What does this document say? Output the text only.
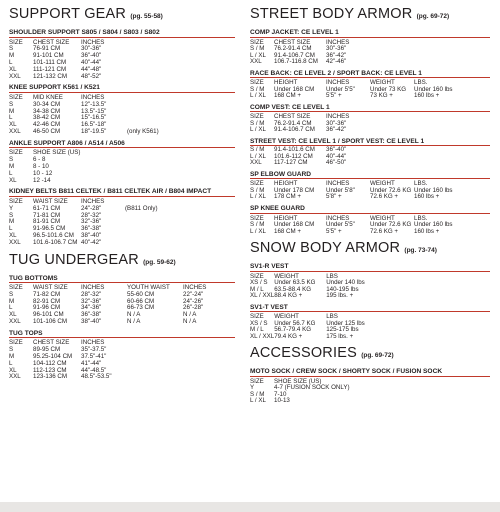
SUPPORT GEAR (pg. 55-58)
SHOULDER SUPPORT S805 / S804 / S803 / S802
SIZE	CHEST SIZE	INCHES
S	76-91 CM	30"-36"
M	91-101 CM	36"-40"
L	101-111 CM	40"-44"
XL	111-121 CM	44"-48"
XXL	121-132 CM	48"-52"
KNEE SUPPORT K561 / K521
SIZE	MID KNEE	INCHES	
S	30-34 CM	12"-13.5"	
M	34-38 CM	13.5"-15"	
L	38-42 CM	15"-16.5"	
XL	42-46 CM	16.5"-18"	
XXL	46-50 CM	18"-19.5"	(only K561)
ANKLE SUPPORT A806 / A514 / A506
SIZE	SHOE SIZE (US)
S	6 - 8
M	8 - 10
L	10 - 12
XL	12 -14
KIDNEY BELTS B811 CELTEK / B811 CELTEK AIR / B804 IMPACT
SIZE	WAIST SIZE	INCHES	
Y	61-71 CM	24"-28"	(B811 Only)
S	71-81 CM	28"-32"	
M	81-91 CM	32"-36"	
L	91-96.5 CM	36"-38"	
XL	96.5-101.6 CM	38"-40"	
XXL	101.6-106.7 CM	40"-42"	
TUG UNDERGEAR (pg. 59-62)
TUG BOTTOMS
SIZE	WAIST SIZE	INCHES	YOUTH WAIST	INCHES
S	71-82 CM	28"-32"	55-60 CM	22"-24"
M	82-91 CM	32"-36"	60-66 CM	24"-26"
L	91-96 CM	34"-36"	66-73 CM	26"-28"
XL	96-101 CM	36"-38"	N / A	N / A
XXL	101-106 CM	38"-40"	N / A	N / A
TUG TOPS
SIZE	CHEST SIZE	INCHES
S	89-95 CM	35"-37.5"
M	95.25-104 CM	37.5"-41"
L	104-112 CM	41"-44"
XL	112-123 CM	44"-48.5"
XXL	123-136 CM	48.5"-53.5"
STREET BODY ARMOR (pg. 69-72)
COMP JACKET: CE LEVEL 1
SIZE	CHEST SIZE	INCHES
S / M	76.2-91.4 CM	30"-36"
L / XL	91.4-106.7 CM	36"-42"
XXL	106.7-116.8 CM	42"-46"
RACE BACK: CE LEVEL 2 / SPORT BACK: CE LEVEL 1
SIZE	HEIGHT	INCHES	WEIGHT	LBS.
S / M	Under 168 CM	Under 5'5"	Under 73 KG	Under 160 lbs
L / XL	168 CM +	5'5" +	73 KG +	160 lbs +
COMP VEST: CE LEVEL 1
SIZE	CHEST SIZE	INCHES
S / M	76.2-91.4 CM	30"-36"
L / XL	91.4-106.7 CM	36"-42"
STREET VEST: CE LEVEL 1 / SPORT VEST: CE LEVEL 1
S / M	91.4-101.6 CM	36"-40"
L / XL	101.6-112 CM	40"-44"
XXL	117-127 CM	46"-50"
SP ELBOW GUARD
SIZE	HEIGHT	INCHES	WEIGHT	LBS.
S / M	Under 178 CM	Under 5'8"	Under 72.6 KG	Under 160 lbs
L / XL	178 CM +	5'8" +	72.6 KG +	160 lbs +
SP KNEE GUARD
SIZE	HEIGHT	INCHES	WEIGHT	LBS.
S / M	Under 168 CM	Under 5'5"	Under 72.6 KG	Under 160 lbs
L / XL	168 CM +	5'5" +	72.6 KG +	160 lbs +
SNOW BODY ARMOR (pg. 73-74)
SV1-R VEST
SIZE	WEIGHT	LBS
XS / S	Under 63.5 KG	Under 140 lbs
M / L	63.5-88.4 KG	140-195 lbs
XL / XXL	88.4 KG +	195 lbs. +
SV1-T VEST
SIZE	WEIGHT	LBS
XS / S	Under 56.7 KG	Under 125 lbs
M / L	56.7-79.4 KG	125-175 lbs
XL / XXL	79.4 KG +	175 lbs. +
ACCESSORIES (pg. 69-72)
MOTO SOCK / CREW SOCK / SHORTY SOCK / FUSION SOCK
SIZE	SHOE SIZE (US)
Y	4-7 (FUSION SOCK ONLY)
S / M	7-10
L / XL	10-13
